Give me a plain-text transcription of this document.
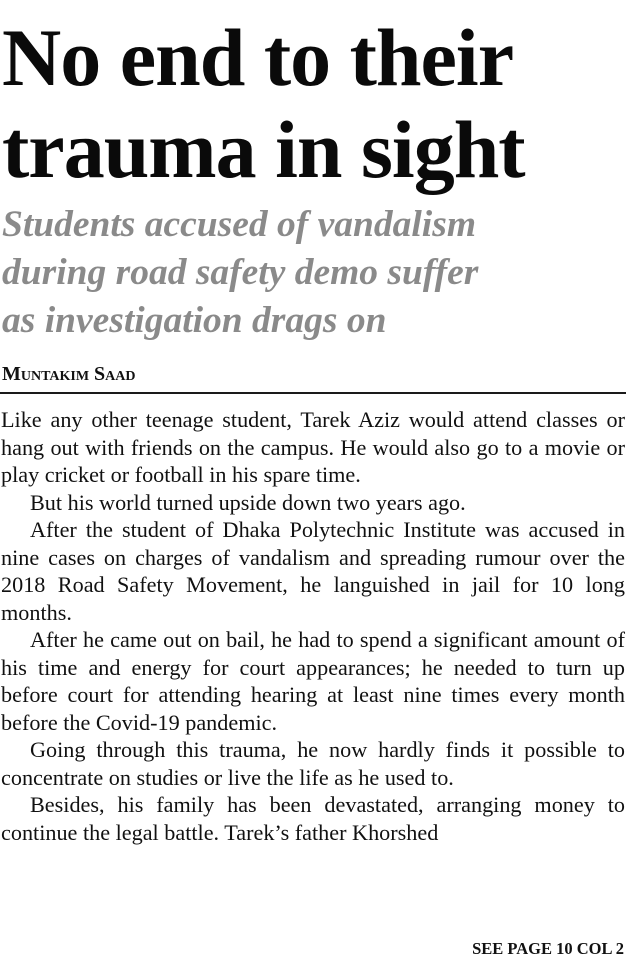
No end to their
trauma in sight
Students accused of vandalism
during road safety demo suffer
as investigation drags on
Muntakim Saad

Like any other teenage student, Tarek Aziz would attend classes or hang out with friends on the campus. He would also go to a movie or play cricket or football in his spare time.

But his world turned upside down two years ago.

After the student of Dhaka Polytechnic Institute was accused in nine cases on charges of vandalism and spreading rumour over the 2018 Road Safety Movement, he languished in jail for 10 long months.

After he came out on bail, he had to spend a significant amount of his time and energy for court appearances; he needed to turn up before court for attending hearing at least nine times every month before the Covid-19 pandemic.

Going through this trauma, he now hardly finds it possible to concentrate on studies or live the life as he used to.

Besides, his family has been devastated, arranging money to continue the legal battle. Tarek’s father Khorshed

SEE PAGE 10 COL 2
